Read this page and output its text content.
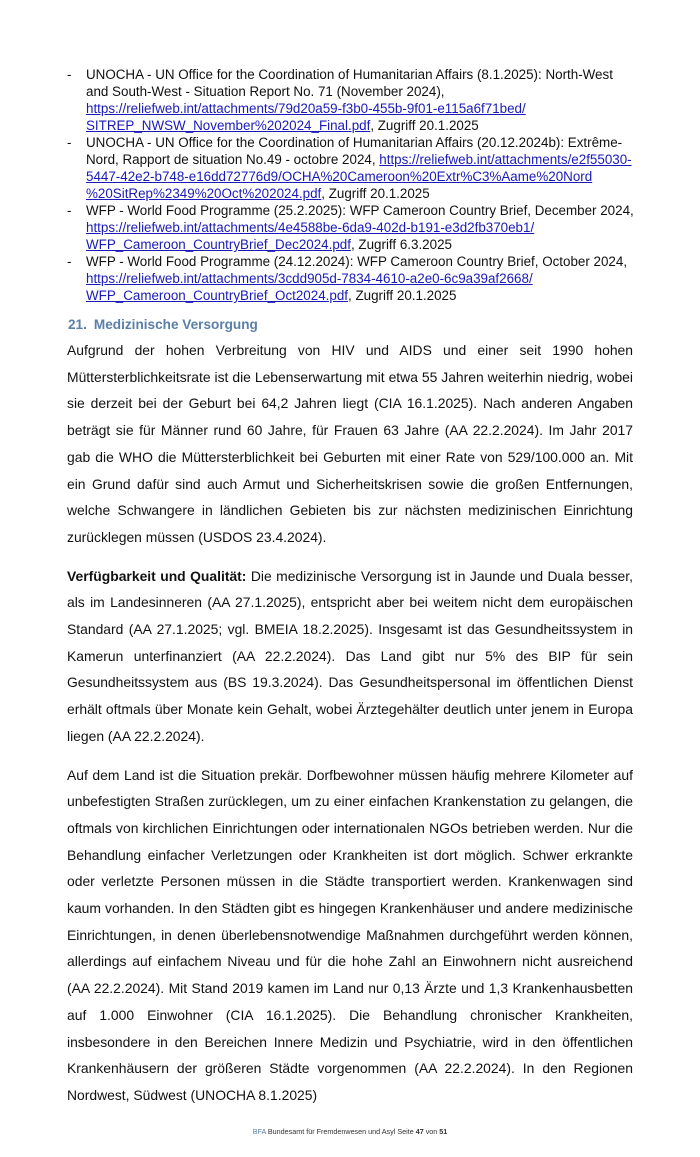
- UNOCHA - UN Office for the Coordination of Humanitarian Affairs (8.1.2025): North-West and South-West - Situation Report No. 71 (November 2024), https://reliefweb.int/attachments/79d20a59-f3b0-455b-9f01-e115a6f71bed/ SITREP_NWSW_November%202024_Final.pdf, Zugriff 20.1.2025
- UNOCHA - UN Office for the Coordination of Humanitarian Affairs (20.12.2024b): Extrême-Nord, Rapport de situation No.49 - octobre 2024, https://reliefweb.int/attachments/e2f55030-5447-42e2-b748-e16dd72776d9/OCHA%20Cameroon%20Extr%C3%Aame%20Nord %20SitRep%2349%20Oct%202024.pdf, Zugriff 20.1.2025
- WFP - World Food Programme (25.2.2025): WFP Cameroon Country Brief, December 2024, https://reliefweb.int/attachments/4e4588be-6da9-402d-b191-e3d2fb370eb1/ WFP_Cameroon_CountryBrief_Dec2024.pdf, Zugriff 6.3.2025
- WFP - World Food Programme (24.12.2024): WFP Cameroon Country Brief, October 2024, https://reliefweb.int/attachments/3cdd905d-7834-4610-a2e0-6c9a39af2668/ WFP_Cameroon_CountryBrief_Oct2024.pdf, Zugriff 20.1.2025
21. Medizinische Versorgung

Aufgrund der hohen Verbreitung von HIV und AIDS und einer seit 1990 hohen Müttersterblichkeitsrate ist die Lebenserwartung mit etwa 55 Jahren weiterhin niedrig, wobei sie derzeit bei der Geburt bei 64,2 Jahren liegt (CIA 16.1.2025). Nach anderen Angaben beträgt sie für Männer rund 60 Jahre, für Frauen 63 Jahre (AA 22.2.2024). Im Jahr 2017 gab die WHO die Müttersterblichkeit bei Geburten mit einer Rate von 529/100.000 an. Mit ein Grund dafür sind auch Armut und Sicherheitskrisen sowie die großen Entfernungen, welche Schwangere in ländlichen Gebieten bis zur nächsten medizinischen Einrichtung zurücklegen müssen (USDOS 23.4.2024).

Verfügbarkeit und Qualität: Die medizinische Versorgung ist in Jaunde und Duala besser, als im Landesinneren (AA 27.1.2025), entspricht aber bei weitem nicht dem europäischen Standard (AA 27.1.2025; vgl. BMEIA 18.2.2025). Insgesamt ist das Gesundheitssystem in Kamerun unterfinanziert (AA 22.2.2024). Das Land gibt nur 5% des BIP für sein Gesundheitssystem aus (BS 19.3.2024). Das Gesundheitspersonal im öffentlichen Dienst erhält oftmals über Monate kein Gehalt, wobei Ärztegehälter deutlich unter jenem in Europa liegen (AA 22.2.2024).

Auf dem Land ist die Situation prekär. Dorfbewohner müssen häufig mehrere Kilometer auf unbefestigten Straßen zurücklegen, um zu einer einfachen Krankenstation zu gelangen, die oftmals von kirchlichen Einrichtungen oder internationalen NGOs betrieben werden. Nur die Behandlung einfacher Verletzungen oder Krankheiten ist dort möglich. Schwer erkrankte oder verletzte Personen müssen in die Städte transportiert werden. Krankenwagen sind kaum vorhanden. In den Städten gibt es hingegen Krankenhäuser und andere medizinische Einrichtungen, in denen überlebensnotwendige Maßnahmen durchgeführt werden können, allerdings auf einfachem Niveau und für die hohe Zahl an Einwohnern nicht ausreichend (AA 22.2.2024). Mit Stand 2019 kamen im Land nur 0,13 Ärzte und 1,3 Krankenhausbetten auf 1.000 Einwohner (CIA 16.1.2025). Die Behandlung chronischer Krankheiten, insbesondere in den Bereichen Innere Medizin und Psychiatrie, wird in den öffentlichen Krankenhäusern der größeren Städte vorgenommen (AA 22.2.2024). In den Regionen Nordwest, Südwest (UNOCHA 8.1.2025)

BFA Bundesamt für Fremdenwesen und Asyl Seite 47 von 51
